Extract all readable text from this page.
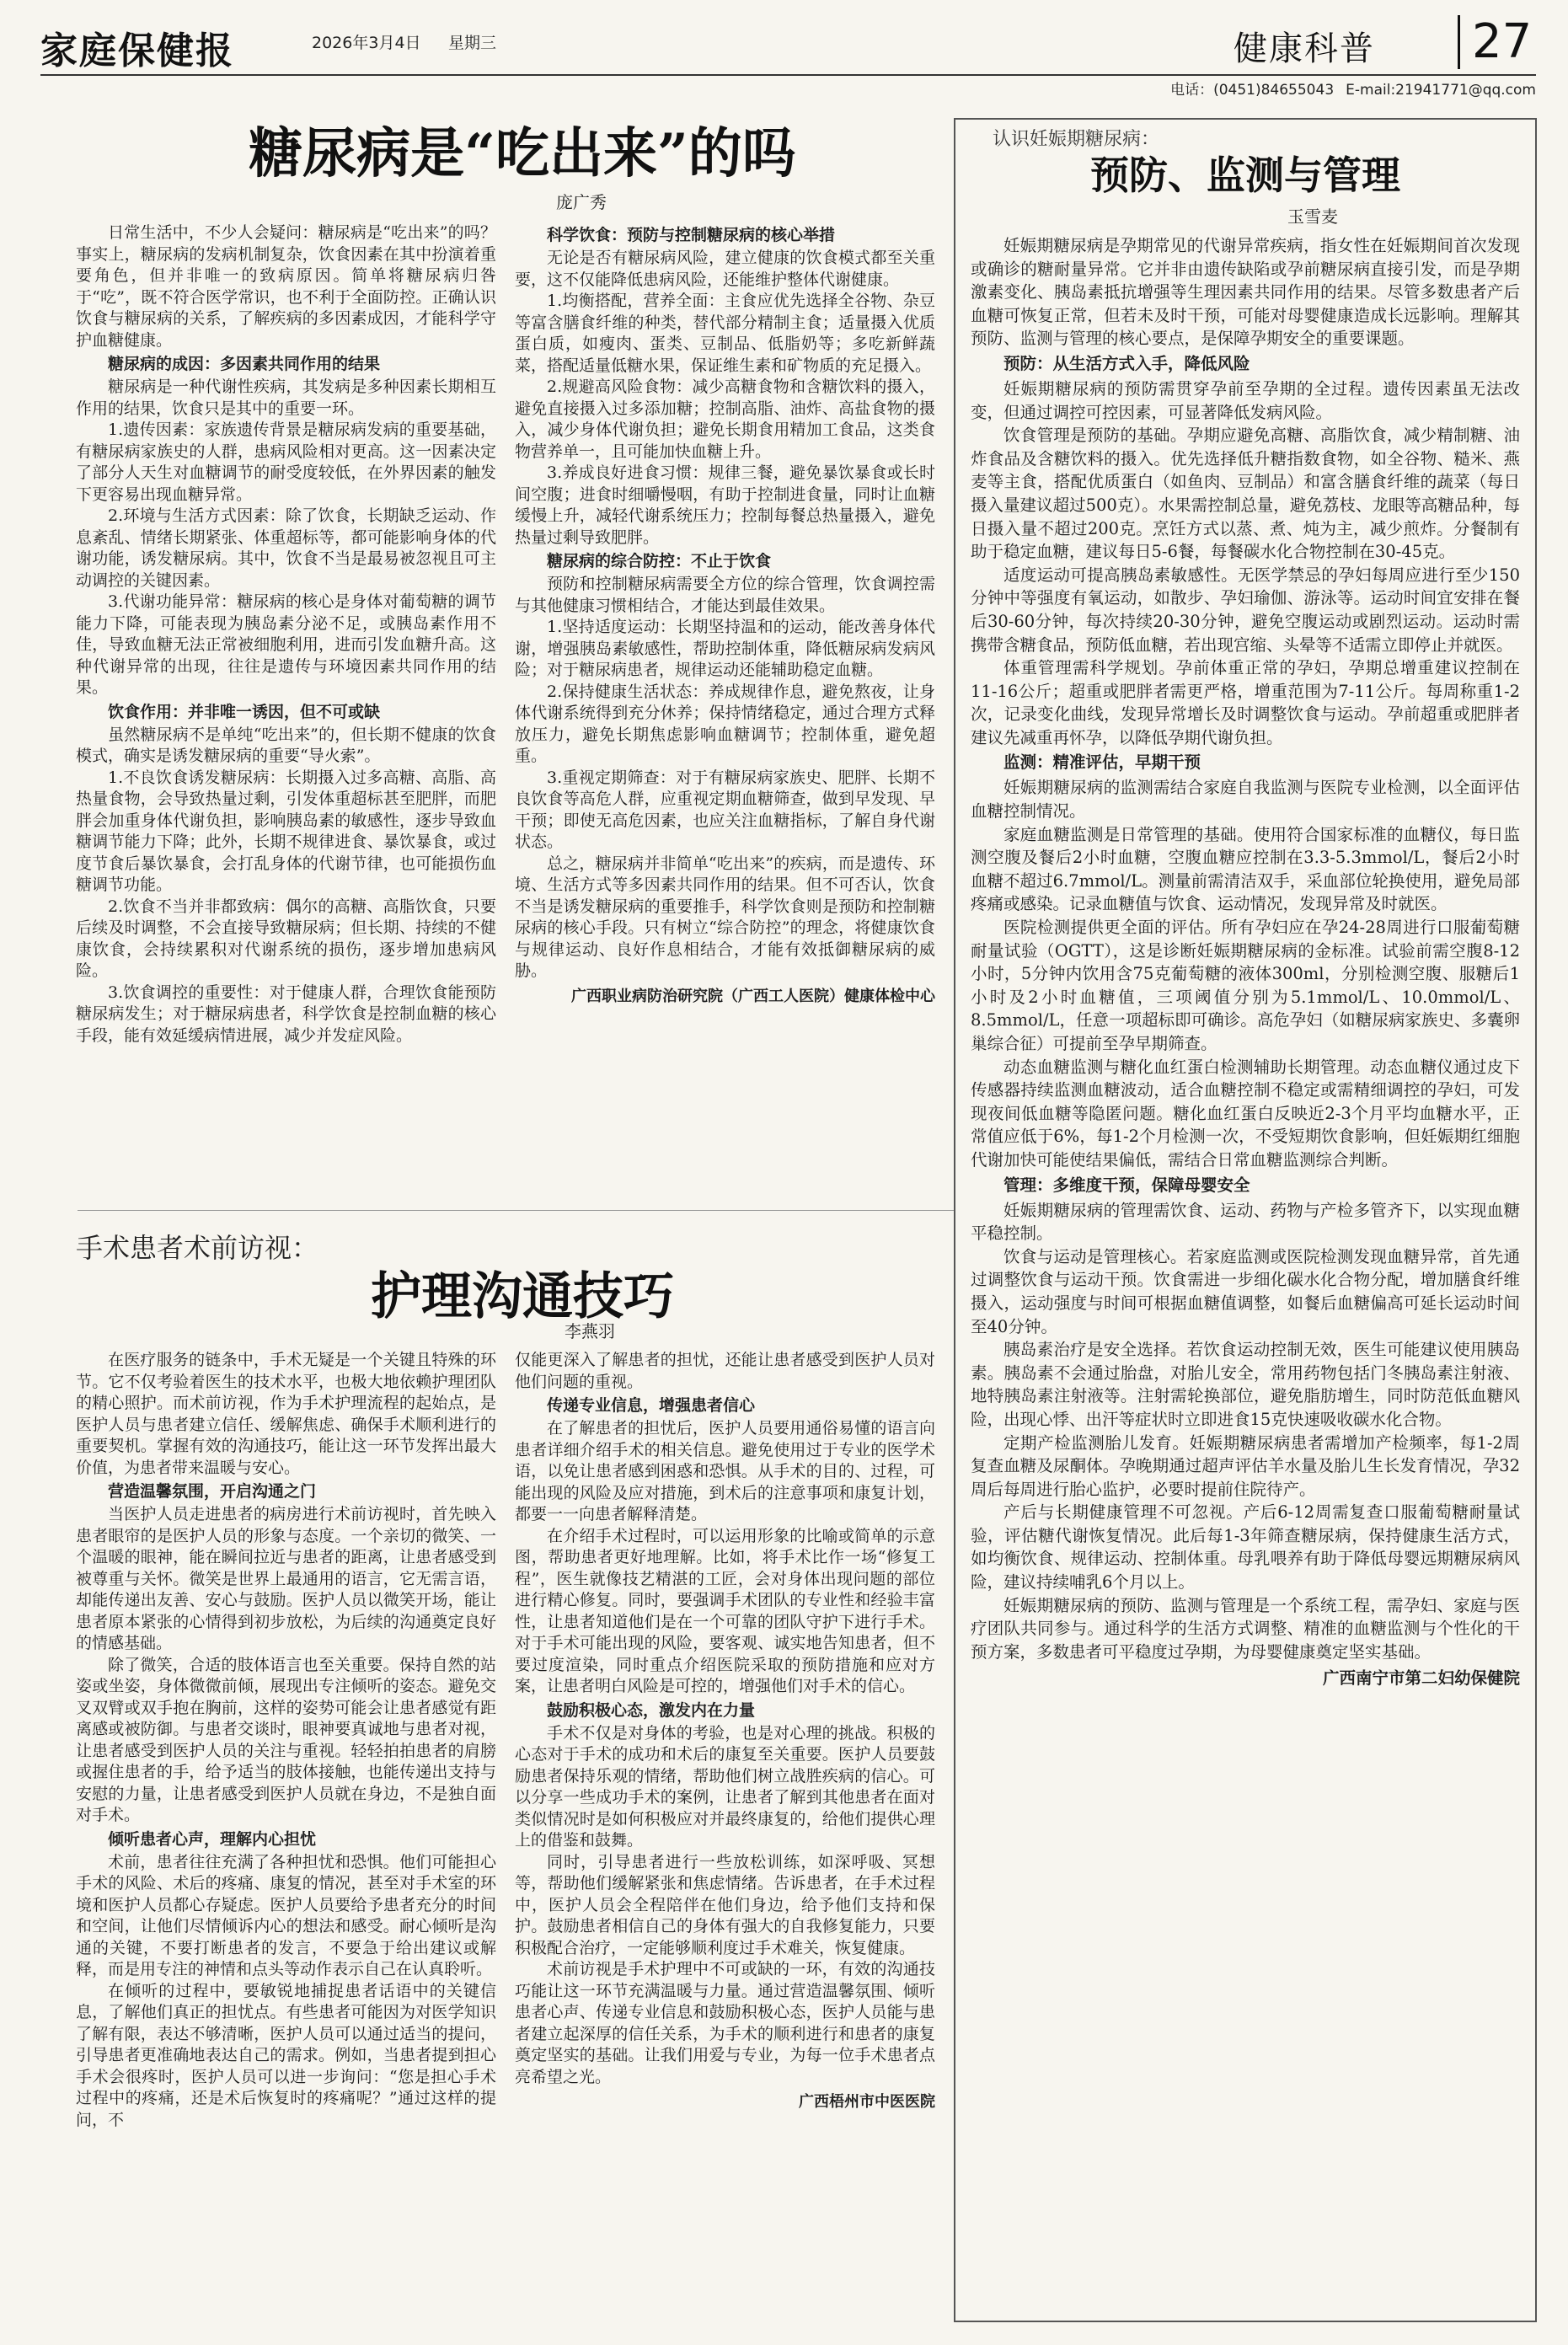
家庭保健报	2026年3月4日 星期三	健康科普	27
电话：(0451)84655043 E-mail:21941771@qq.com
糖尿病是“吃出来”的吗
庞广秀

日常生活中，不少人会疑问：糖尿病是“吃出来”的吗？事实上，糖尿病的发病机制复杂，饮食因素在其中扮演着重要角色，但并非唯一的致病原因。简单将糖尿病归咎于“吃”，既不符合医学常识，也不利于全面防控。正确认识饮食与糖尿病的关系，了解疾病的多因素成因，才能科学守护血糖健康。

糖尿病的成因：多因素共同作用的结果

糖尿病是一种代谢性疾病，其发病是多种因素长期相互作用的结果，饮食只是其中的重要一环。

1.遗传因素：家族遗传背景是糖尿病发病的重要基础，有糖尿病家族史的人群，患病风险相对更高。这一因素决定了部分人天生对血糖调节的耐受度较低，在外界因素的触发下更容易出现血糖异常。

2.环境与生活方式因素：除了饮食，长期缺乏运动、作息紊乱、情绪长期紧张、体重超标等，都可能影响身体的代谢功能，诱发糖尿病。其中，饮食不当是最易被忽视且可主动调控的关键因素。

3.代谢功能异常：糖尿病的核心是身体对葡萄糖的调节能力下降，可能表现为胰岛素分泌不足，或胰岛素作用不佳，导致血糖无法正常被细胞利用，进而引发血糖升高。这种代谢异常的出现，往往是遗传与环境因素共同作用的结果。

饮食作用：并非唯一诱因，但不可或缺

虽然糖尿病不是单纯“吃出来”的，但长期不健康的饮食模式，确实是诱发糖尿病的重要“导火索”。

1.不良饮食诱发糖尿病：长期摄入过多高糖、高脂、高热量食物，会导致热量过剩，引发体重超标甚至肥胖，而肥胖会加重身体代谢负担，影响胰岛素的敏感性，逐步导致血糖调节能力下降；此外，长期不规律进食、暴饮暴食，或过度节食后暴饮暴食，会打乱身体的代谢节律，也可能损伤血糖调节功能。

2.饮食不当并非都致病：偶尔的高糖、高脂饮食，只要后续及时调整，不会直接导致糖尿病；但长期、持续的不健康饮食，会持续累积对代谢系统的损伤，逐步增加患病风险。

3.饮食调控的重要性：对于健康人群，合理饮食能预防糖尿病发生；对于糖尿病患者，科学饮食是控制血糖的核心手段，能有效延缓病情进展，减少并发症风险。

科学饮食：预防与控制糖尿病的核心举措

无论是否有糖尿病风险，建立健康的饮食模式都至关重要，这不仅能降低患病风险，还能维护整体代谢健康。

1.均衡搭配，营养全面：主食应优先选择全谷物、杂豆等富含膳食纤维的种类，替代部分精制主食；适量摄入优质蛋白质，如瘦肉、蛋类、豆制品、低脂奶等；多吃新鲜蔬菜，搭配适量低糖水果，保证维生素和矿物质的充足摄入。

2.规避高风险食物：减少高糖食物和含糖饮料的摄入，避免直接摄入过多添加糖；控制高脂、油炸、高盐食物的摄入，减少身体代谢负担；避免长期食用精加工食品，这类食物营养单一，且可能加快血糖上升。

3.养成良好进食习惯：规律三餐，避免暴饮暴食或长时间空腹；进食时细嚼慢咽，有助于控制进食量，同时让血糖缓慢上升，减轻代谢系统压力；控制每餐总热量摄入，避免热量过剩导致肥胖。

糖尿病的综合防控：不止于饮食

预防和控制糖尿病需要全方位的综合管理，饮食调控需与其他健康习惯相结合，才能达到最佳效果。

1.坚持适度运动：长期坚持温和的运动，能改善身体代谢，增强胰岛素敏感性，帮助控制体重，降低糖尿病发病风险；对于糖尿病患者，规律运动还能辅助稳定血糖。

2.保持健康生活状态：养成规律作息，避免熬夜，让身体代谢系统得到充分休养；保持情绪稳定，通过合理方式释放压力，避免长期焦虑影响血糖调节；控制体重，避免超重。

3.重视定期筛查：对于有糖尿病家族史、肥胖、长期不良饮食等高危人群，应重视定期血糖筛查，做到早发现、早干预；即使无高危因素，也应关注血糖指标，了解自身代谢状态。

总之，糖尿病并非简单“吃出来”的疾病，而是遗传、环境、生活方式等多因素共同作用的结果。但不可否认，饮食不当是诱发糖尿病的重要推手，科学饮食则是预防和控制糖尿病的核心手段。只有树立“综合防控”的理念，将健康饮食与规律运动、良好作息相结合，才能有效抵御糖尿病的威胁。

广西职业病防治研究院（广西工人医院）健康体检中心

手术患者术前访视：
护理沟通技巧
李燕羽

在医疗服务的链条中，手术无疑是一个关键且特殊的环节。它不仅考验着医生的技术水平，也极大地依赖护理团队的精心照护。而术前访视，作为手术护理流程的起始点，是医护人员与患者建立信任、缓解焦虑、确保手术顺利进行的重要契机。掌握有效的沟通技巧，能让这一环节发挥出最大价值，为患者带来温暖与安心。

营造温馨氛围，开启沟通之门

当医护人员走进患者的病房进行术前访视时，首先映入患者眼帘的是医护人员的形象与态度。一个亲切的微笑、一个温暖的眼神，能在瞬间拉近与患者的距离，让患者感受到被尊重与关怀。微笑是世界上最通用的语言，它无需言语，却能传递出友善、安心与鼓励。医护人员以微笑开场，能让患者原本紧张的心情得到初步放松，为后续的沟通奠定良好的情感基础。

除了微笑，合适的肢体语言也至关重要。保持自然的站姿或坐姿，身体微微前倾，展现出专注倾听的姿态。避免交叉双臂或双手抱在胸前，这样的姿势可能会让患者感觉有距离感或被防御。与患者交谈时，眼神要真诚地与患者对视，让患者感受到医护人员的关注与重视。轻轻拍拍患者的肩膀或握住患者的手，给予适当的肢体接触，也能传递出支持与安慰的力量，让患者感受到医护人员就在身边，不是独自面对手术。

倾听患者心声，理解内心担忧

术前，患者往往充满了各种担忧和恐惧。他们可能担心手术的风险、术后的疼痛、康复的情况，甚至对手术室的环境和医护人员都心存疑虑。医护人员要给予患者充分的时间和空间，让他们尽情倾诉内心的想法和感受。耐心倾听是沟通的关键，不要打断患者的发言，不要急于给出建议或解释，而是用专注的神情和点头等动作表示自己在认真聆听。

在倾听的过程中，要敏锐地捕捉患者话语中的关键信息，了解他们真正的担忧点。有些患者可能因为对医学知识了解有限，表达不够清晰，医护人员可以通过适当的提问，引导患者更准确地表达自己的需求。例如，当患者提到担心手术会很疼时，医护人员可以进一步询问：“您是担心手术过程中的疼痛，还是术后恢复时的疼痛呢？”通过这样的提问，不

仅能更深入了解患者的担忧，还能让患者感受到医护人员对他们问题的重视。

传递专业信息，增强患者信心

在了解患者的担忧后，医护人员要用通俗易懂的语言向患者详细介绍手术的相关信息。避免使用过于专业的医学术语，以免让患者感到困惑和恐惧。从手术的目的、过程，可能出现的风险及应对措施，到术后的注意事项和康复计划，都要一一向患者解释清楚。

在介绍手术过程时，可以运用形象的比喻或简单的示意图，帮助患者更好地理解。比如，将手术比作一场“修复工程”，医生就像技艺精湛的工匠，会对身体出现问题的部位进行精心修复。同时，要强调手术团队的专业性和经验丰富性，让患者知道他们是在一个可靠的团队守护下进行手术。对于手术可能出现的风险，要客观、诚实地告知患者，但不要过度渲染，同时重点介绍医院采取的预防措施和应对方案，让患者明白风险是可控的，增强他们对手术的信心。

鼓励积极心态，激发内在力量

手术不仅是对身体的考验，也是对心理的挑战。积极的心态对于手术的成功和术后的康复至关重要。医护人员要鼓励患者保持乐观的情绪，帮助他们树立战胜疾病的信心。可以分享一些成功手术的案例，让患者了解到其他患者在面对类似情况时是如何积极应对并最终康复的，给他们提供心理上的借鉴和鼓舞。

同时，引导患者进行一些放松训练，如深呼吸、冥想等，帮助他们缓解紧张和焦虑情绪。告诉患者，在手术过程中，医护人员会全程陪伴在他们身边，给予他们支持和保护。鼓励患者相信自己的身体有强大的自我修复能力，只要积极配合治疗，一定能够顺利度过手术难关，恢复健康。

术前访视是手术护理中不可或缺的一环，有效的沟通技巧能让这一环节充满温暖与力量。通过营造温馨氛围、倾听患者心声、传递专业信息和鼓励积极心态，医护人员能与患者建立起深厚的信任关系，为手术的顺利进行和患者的康复奠定坚实的基础。让我们用爱与专业，为每一位手术患者点亮希望之光。

广西梧州市中医医院

认识妊娠期糖尿病：
预防、监测与管理
玉雪麦

妊娠期糖尿病是孕期常见的代谢异常疾病，指女性在妊娠期间首次发现或确诊的糖耐量异常。它并非由遗传缺陷或孕前糖尿病直接引发，而是孕期激素变化、胰岛素抵抗增强等生理因素共同作用的结果。尽管多数患者产后血糖可恢复正常，但若未及时干预，可能对母婴健康造成长远影响。理解其预防、监测与管理的核心要点，是保障孕期安全的重要课题。

预防：从生活方式入手，降低风险

妊娠期糖尿病的预防需贯穿孕前至孕期的全过程。遗传因素虽无法改变，但通过调控可控因素，可显著降低发病风险。

饮食管理是预防的基础。孕期应避免高糖、高脂饮食，减少精制糖、油炸食品及含糖饮料的摄入。优先选择低升糖指数食物，如全谷物、糙米、燕麦等主食，搭配优质蛋白（如鱼肉、豆制品）和富含膳食纤维的蔬菜（每日摄入量建议超过500克）。水果需控制总量，避免荔枝、龙眼等高糖品种，每日摄入量不超过200克。烹饪方式以蒸、煮、炖为主，减少煎炸。分餐制有助于稳定血糖，建议每日5-6餐，每餐碳水化合物控制在30-45克。

适度运动可提高胰岛素敏感性。无医学禁忌的孕妇每周应进行至少150分钟中等强度有氧运动，如散步、孕妇瑜伽、游泳等。运动时间宜安排在餐后30-60分钟，每次持续20-30分钟，避免空腹运动或剧烈运动。运动时需携带含糖食品，预防低血糖，若出现宫缩、头晕等不适需立即停止并就医。

体重管理需科学规划。孕前体重正常的孕妇，孕期总增重建议控制在11-16公斤；超重或肥胖者需更严格，增重范围为7-11公斤。每周称重1-2次，记录变化曲线，发现异常增长及时调整饮食与运动。孕前超重或肥胖者建议先减重再怀孕，以降低孕期代谢负担。

监测：精准评估，早期干预

妊娠期糖尿病的监测需结合家庭自我监测与医院专业检测，以全面评估血糖控制情况。

家庭血糖监测是日常管理的基础。使用符合国家标准的血糖仪，每日监测空腹及餐后2小时血糖，空腹血糖应控制在3.3-5.3mmol/L，餐后2小时血糖不超过6.7mmol/L。测量前需清洁双手，采血部位轮换使用，避免局部疼痛或感染。记录血糖值与饮食、运动情况，发现异常及时就医。

医院检测提供更全面的评估。所有孕妇应在孕24-28周进行口服葡萄糖耐量试验（OGTT），这是诊断妊娠期糖尿病的金标准。试验前需空腹8-12小时，5分钟内饮用含75克葡萄糖的液体300ml，分别检测空腹、服糖后1小时及2小时血糖值，三项阈值分别为5.1mmol/L、10.0mmol/L、8.5mmol/L，任意一项超标即可确诊。高危孕妇（如糖尿病家族史、多囊卵巢综合征）可提前至孕早期筛查。

动态血糖监测与糖化血红蛋白检测辅助长期管理。动态血糖仪通过皮下传感器持续监测血糖波动，适合血糖控制不稳定或需精细调控的孕妇，可发现夜间低血糖等隐匿问题。糖化血红蛋白反映近2-3个月平均血糖水平，正常值应低于6%，每1-2个月检测一次，不受短期饮食影响，但妊娠期红细胞代谢加快可能使结果偏低，需结合日常血糖监测综合判断。

管理：多维度干预，保障母婴安全

妊娠期糖尿病的管理需饮食、运动、药物与产检多管齐下，以实现血糖平稳控制。

饮食与运动是管理核心。若家庭监测或医院检测发现血糖异常，首先通过调整饮食与运动干预。饮食需进一步细化碳水化合物分配，增加膳食纤维摄入，运动强度与时间可根据血糖值调整，如餐后血糖偏高可延长运动时间至40分钟。

胰岛素治疗是安全选择。若饮食运动控制无效，医生可能建议使用胰岛素。胰岛素不会通过胎盘，对胎儿安全，常用药物包括门冬胰岛素注射液、地特胰岛素注射液等。注射需轮换部位，避免脂肪增生，同时防范低血糖风险，出现心悸、出汗等症状时立即进食15克快速吸收碳水化合物。

定期产检监测胎儿发育。妊娠期糖尿病患者需增加产检频率，每1-2周复查血糖及尿酮体。孕晚期通过超声评估羊水量及胎儿生长发育情况，孕32周后每周进行胎心监护，必要时提前住院待产。

产后与长期健康管理不可忽视。产后6-12周需复查口服葡萄糖耐量试验，评估糖代谢恢复情况。此后每1-3年筛查糖尿病，保持健康生活方式，如均衡饮食、规律运动、控制体重。母乳喂养有助于降低母婴远期糖尿病风险，建议持续哺乳6个月以上。

妊娠期糖尿病的预防、监测与管理是一个系统工程，需孕妇、家庭与医疗团队共同参与。通过科学的生活方式调整、精准的血糖监测与个性化的干预方案，多数患者可平稳度过孕期，为母婴健康奠定坚实基础。

广西南宁市第二妇幼保健院
